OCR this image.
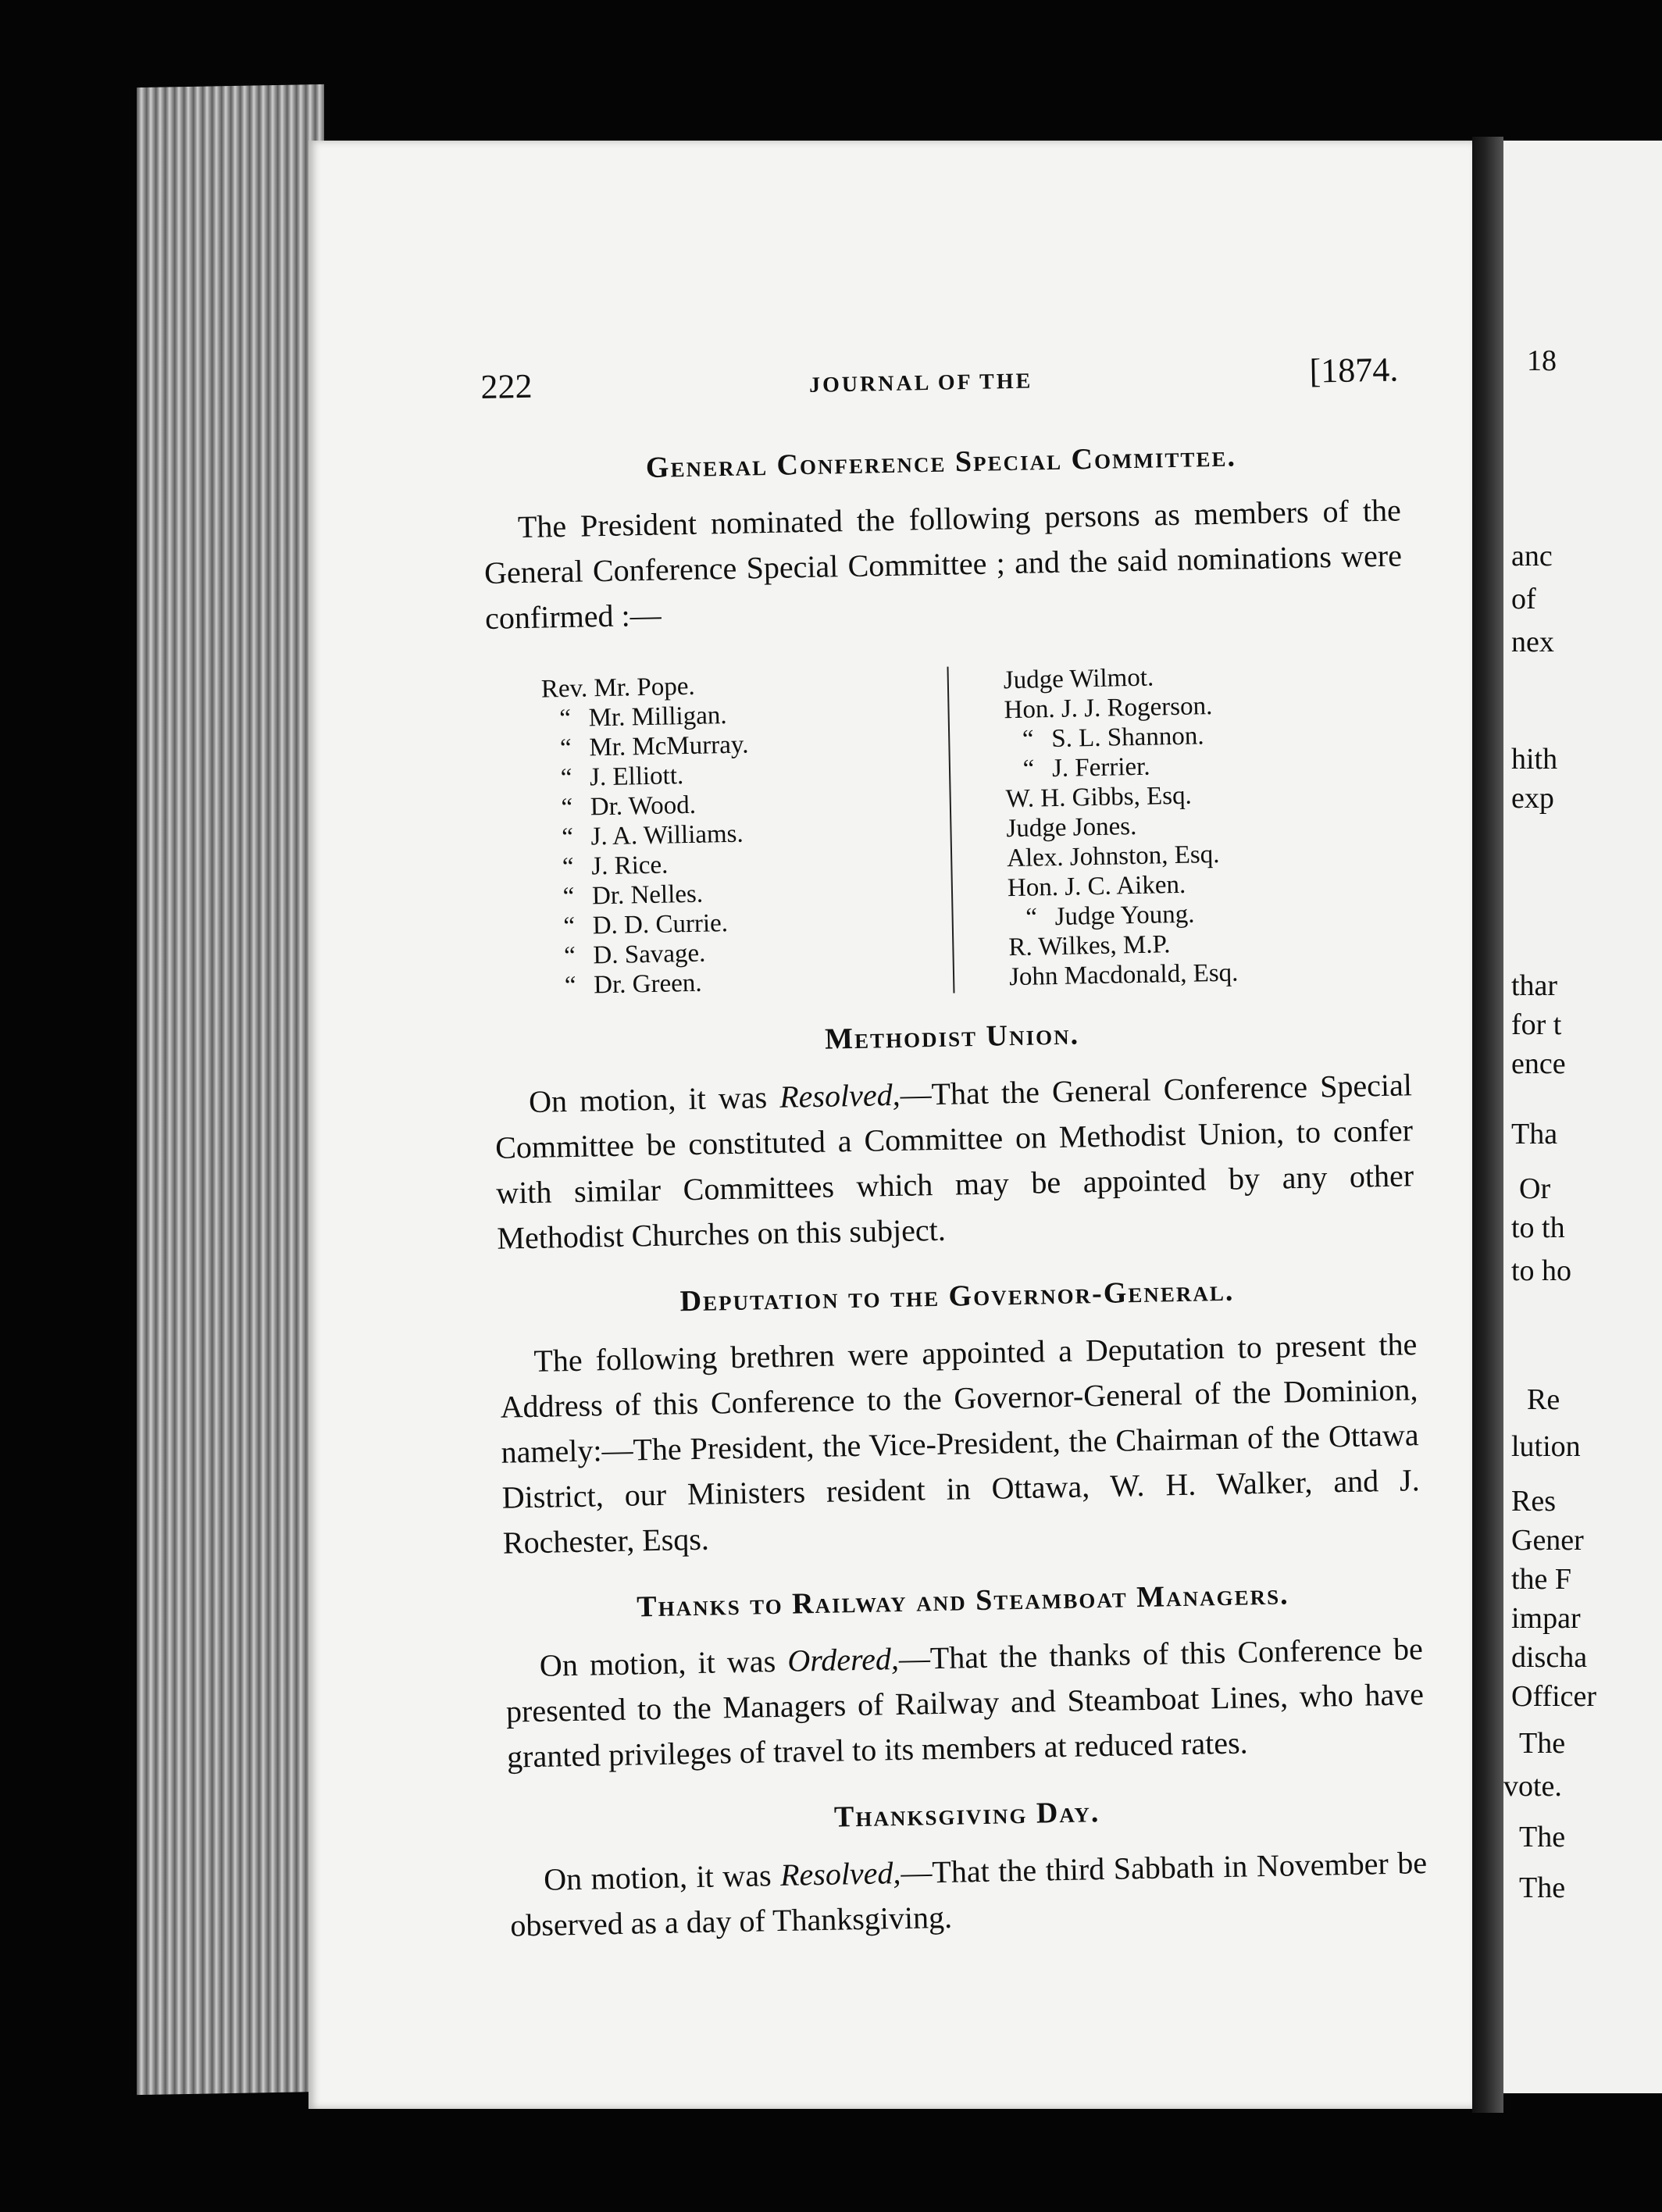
18
anc
of
nex
hith
exp
thar
for t
ence
Tha
Or
to th
to ho
Re
lution
Res
Gener
the F
impar
discha
Officer
The
vote.
The
The
222	JOURNAL OF THE	[1874.
General Conference Special Committee.

The President nominated the following persons as members of the General Conference Special Committee ; and the said nominations were confirmed :—

Rev. Mr. Pope.
“ Mr. Milligan.
“ Mr. McMurray.
“ J. Elliott.
“ Dr. Wood.
“ J. A. Williams.
“ J. Rice.
“ Dr. Nelles.
“ D. D. Currie.
“ D. Savage.
“ Dr. Green.
Judge Wilmot.
Hon. J. J. Rogerson.
“ S. L. Shannon.
“ J. Ferrier.
W. H. Gibbs, Esq.
Judge Jones.
Alex. Johnston, Esq.
Hon. J. C. Aiken.
“ Judge Young.
R. Wilkes, M.P.
John Macdonald, Esq.
Methodist Union.

On motion, it was Resolved,—That the General Conference Special Committee be constituted a Committee on Methodist Union, to confer with similar Committees which may be appointed by any other Methodist Churches on this subject.

Deputation to the Governor-General.

The following brethren were appointed a Deputation to present the Address of this Conference to the Governor-General of the Dominion, namely:—The President, the Vice-President, the Chairman of the Ottawa District, our Ministers resident in Ottawa, W. H. Walker, and J. Rochester, Esqs.

Thanks to Railway and Steamboat Managers.

On motion, it was Ordered,—That the thanks of this Conference be presented to the Managers of Railway and Steamboat Lines, who have granted privileges of travel to its members at reduced rates.

Thanksgiving Day.

On motion, it was Resolved,—That the third Sabbath in November be observed as a day of Thanksgiving.
